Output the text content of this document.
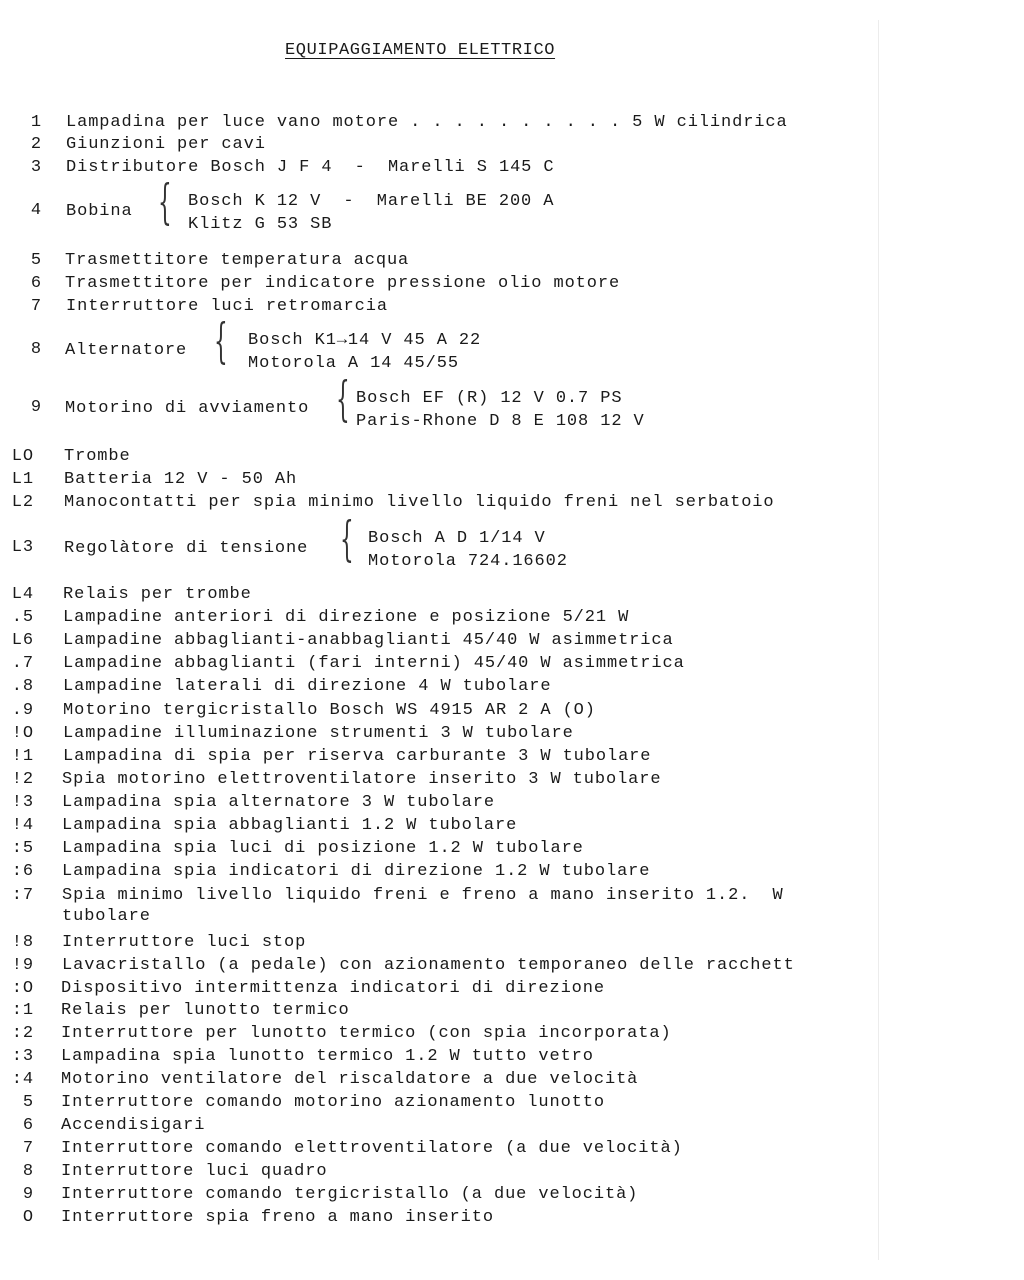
EQUIPAGGIAMENTO ELETTRICO
1 Lampadina per luce vano motore . . . . . . . . . . 5 W cilindrica
2 Giunzioni per cavi
3 Distributore Bosch J F 4  -  Marelli S 145 C
4 Bobina { Bosch K 12 V  -  Marelli BE 200 A
Klitz G 53 SB
5 Trasmettitore temperatura acqua
6 Trasmettitore per indicatore pressione olio motore
7 Interruttore luci retromarcia
8 Alternatore { Bosch K1→14 V 45 A 22
Motorola A 14 45/55
9 Motorino di avviamento { Bosch EF (R) 12 V 0.7 PS
Paris-Rhone D 8 E 108 12 V
LO Trombe
L1 Batteria 12 V - 50 Ah
L2 Manocontatti per spia minimo livello liquido freni nel serbatoio
L3 Regolàtore di tensione { Bosch A D 1/14 V
Motorola 724.16602
L4 Relais per trombe
.5 Lampadine anteriori di direzione e posizione 5/21 W
L6 Lampadine abbaglianti-anabbaglianti 45/40 W asimmetrica
.7 Lampadine abbaglianti (fari interni) 45/40 W asimmetrica
.8 Lampadine laterali di direzione 4 W tubolare
.9 Motorino tergicristallo Bosch WS 4915 AR 2 A (O)
!O Lampadine illuminazione strumenti 3 W tubolare
!1 Lampadina di spia per riserva carburante 3 W tubolare
!2 Spia motorino elettroventilatore inserito 3 W tubolare
!3 Lampadina spia alternatore 3 W tubolare
!4 Lampadina spia abbaglianti 1.2 W tubolare
:5 Lampadina spia luci di posizione 1.2 W tubolare
:6 Lampadina spia indicatori di direzione 1.2 W tubolare
:7 Spia minimo livello liquido freni e freno a mano inserito 1.2.  W
tubolare
!8 Interruttore luci stop
!9 Lavacristallo (a pedale) con azionamento temporaneo delle racchett
:O Dispositivo intermittenza indicatori di direzione
:1 Relais per lunotto termico
:2 Interruttore per lunotto termico (con spia incorporata)
:3 Lampadina spia lunotto termico 1.2 W tutto vetro
:4 Motorino ventilatore del riscaldatore a due velocità
5 Interruttore comando motorino azionamento lunotto
6 Accendisigari
7 Interruttore comando elettroventilatore (a due velocità)
8 Interruttore luci quadro
9 Interruttore comando tergicristallo (a due velocità)
O Interruttore spia freno a mano inserito
